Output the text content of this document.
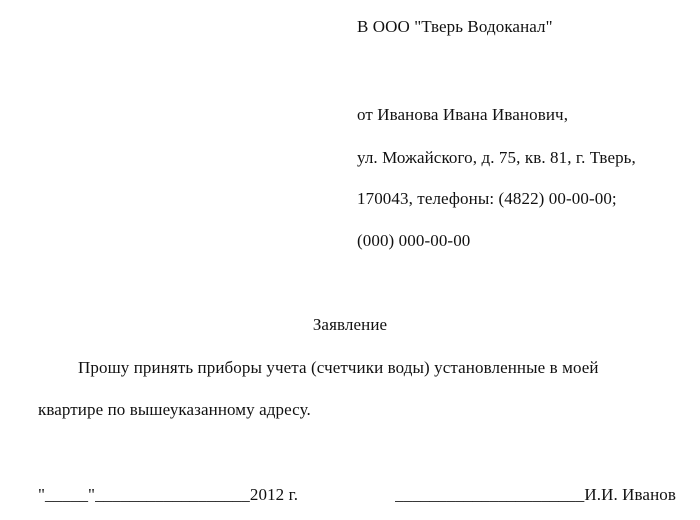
В ООО "Тверь Водоканал"
от Иванова Ивана Иванович,
ул. Можайского, д. 75, кв. 81, г. Тверь,
170043, телефоны: (4822) 00-00-00;
(000) 000-00-00
Заявление
Прошу принять приборы учета (счетчики воды) установленные в моей
квартире по вышеуказанному адресу.
"_____"__________________2012 г.	______________________И.И. Иванов
